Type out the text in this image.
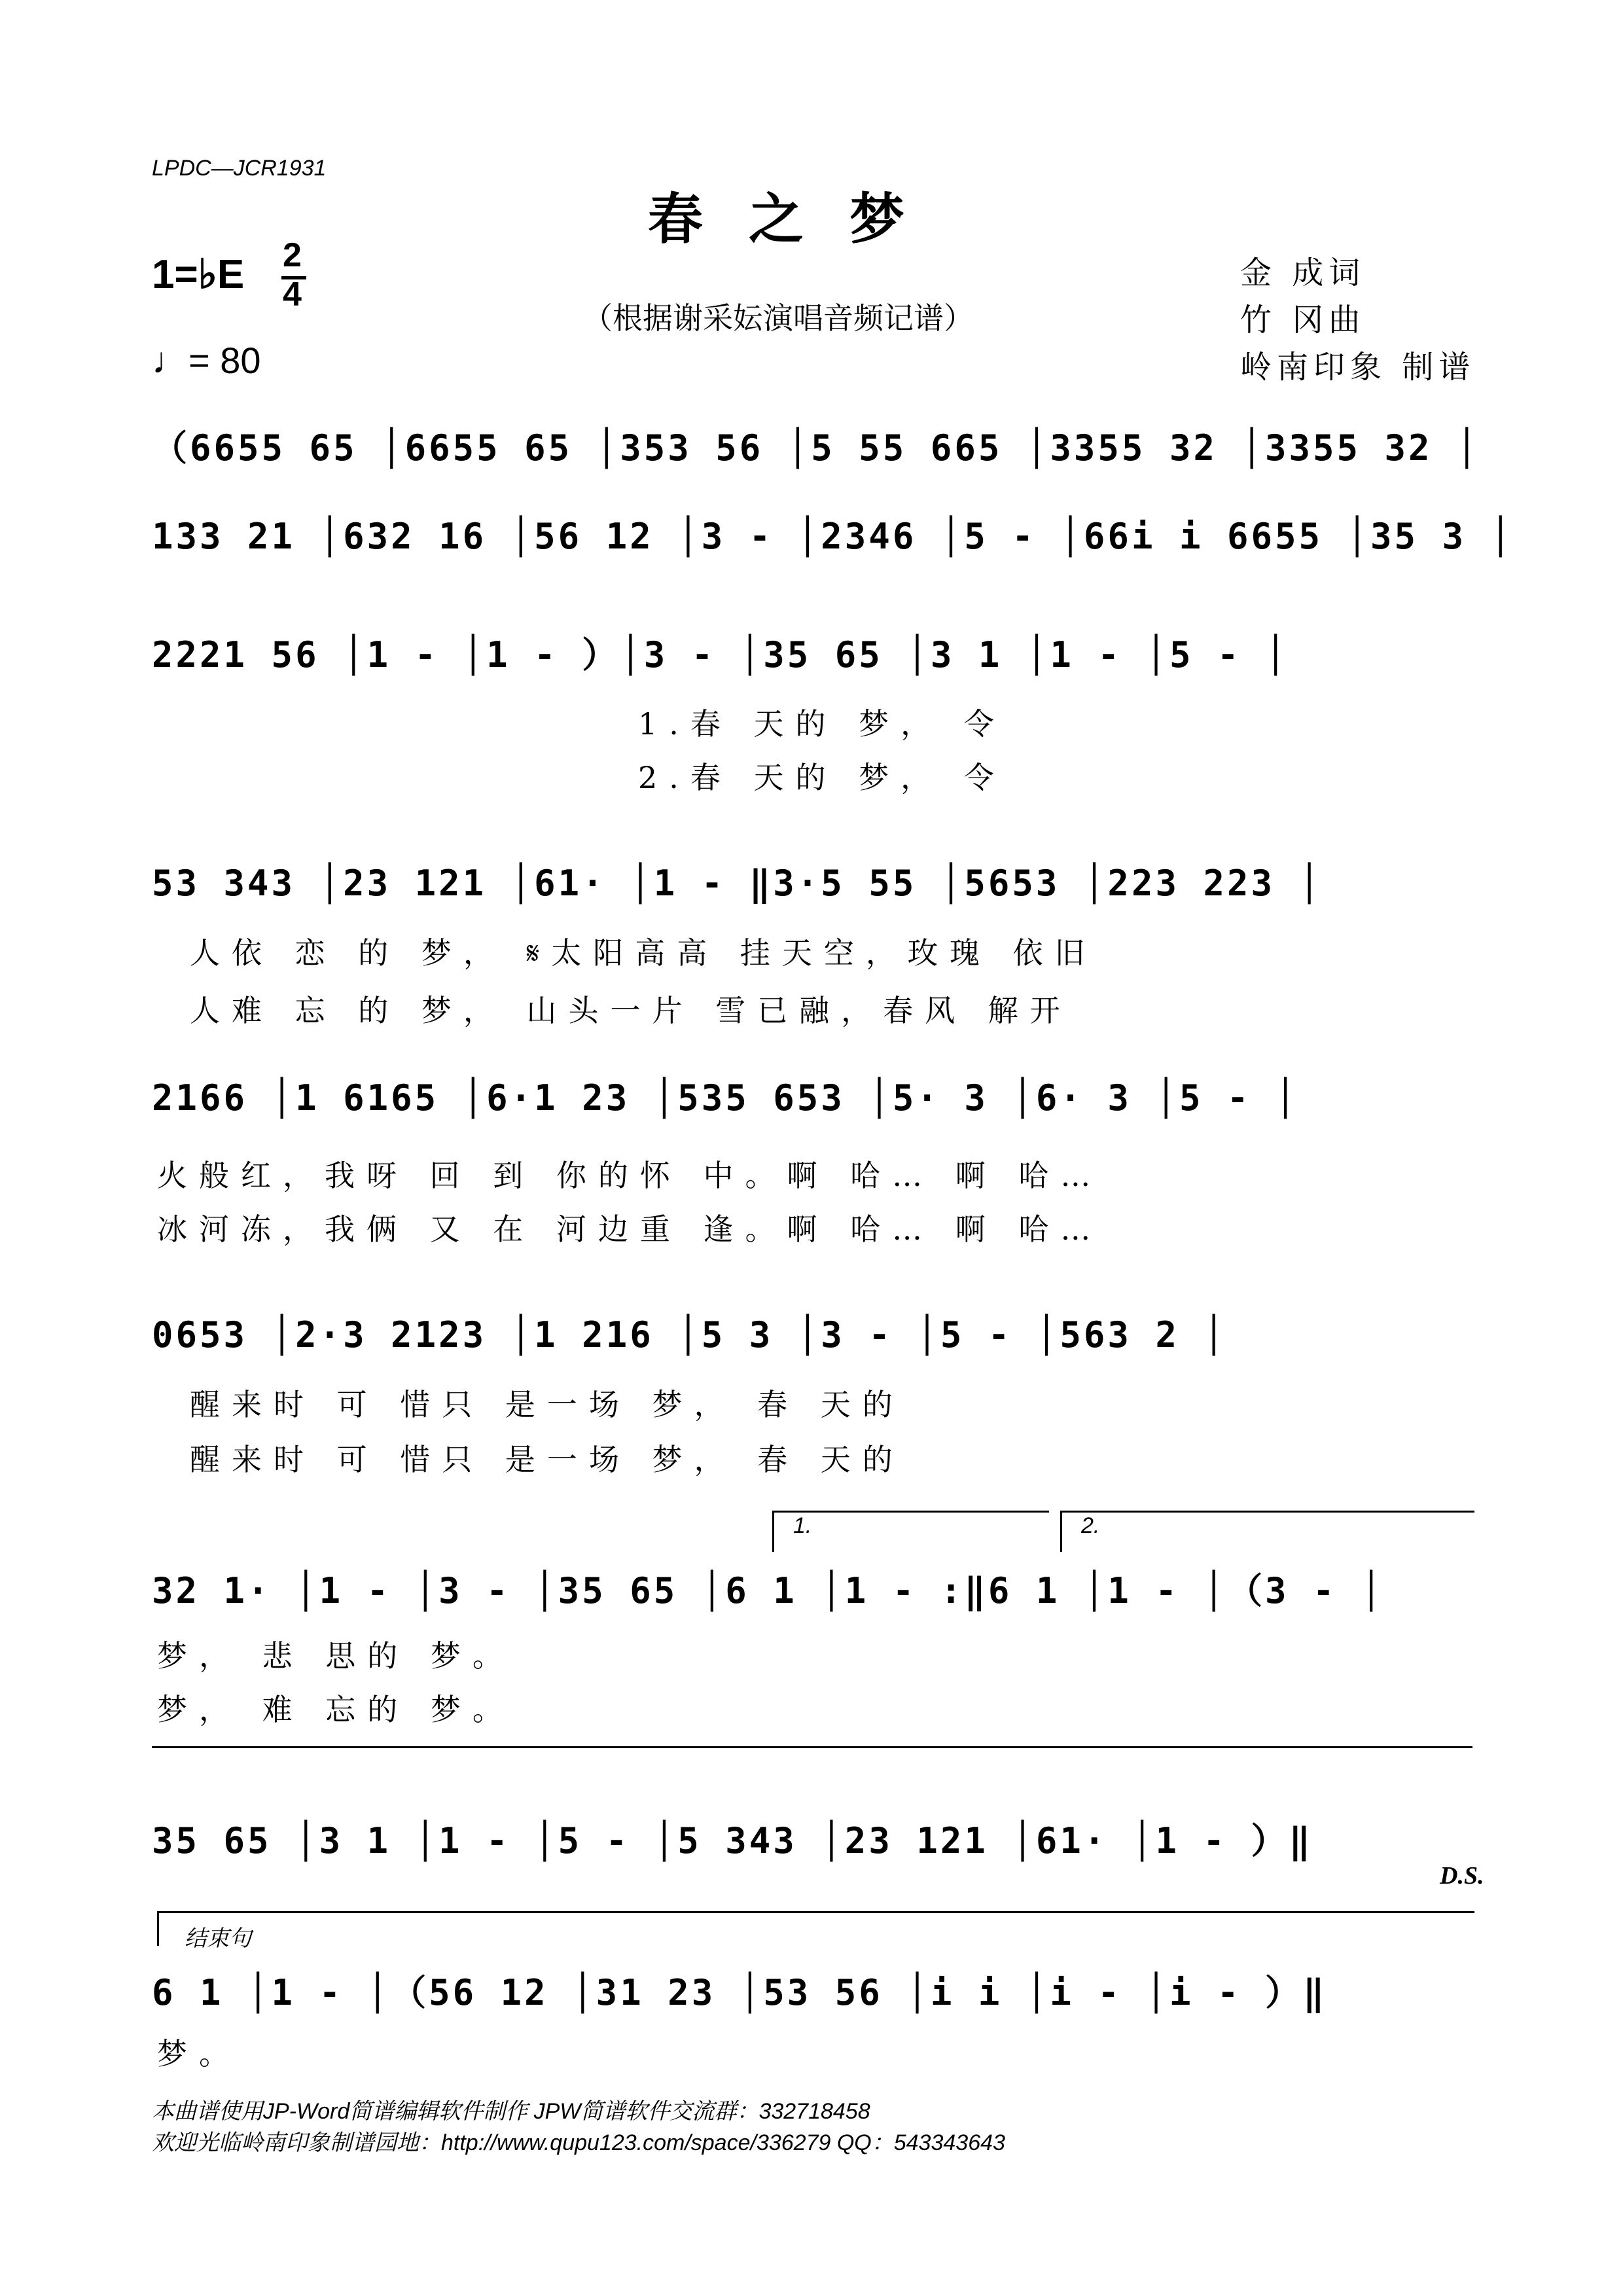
LPDC—JCR1931
春之梦
1=♭E 2
4
♩= 80
（根据谢采妘演唱音频记谱）
金 成词
竹 冈曲
岭南印象 制谱
（6655 65 │6655 65 │353 56 │5 55 665 │3355 32 │3355 32 │
133 21 │632 16 │56 12 │3 - │2346 │5 - │66i i 6655 │35 3 │
2221 56 │1 - │1 - ）│3 - │35 65 │3 1 │1 - │5 - │
1.春 天的 梦， 令
2.春 天的 梦， 令
53 343 │23 121 │61· │1 - ‖3·5 55 │5653 │223 223 │
人依 恋 的 梦， 𝄋太阳高高 挂天空，玫瑰 依旧
人难 忘 的 梦， 山头一片 雪已融，春风 解开
2166 │1 6165 │6·1 23 │535 653 │5· 3 │6· 3 │5 - │
火般红，我呀 回 到 你的怀 中。啊 哈… 啊 哈…
冰河冻，我俩 又 在 河边重 逢。啊 哈… 啊 哈…
0653 │2·3 2123 │1 216 │5 3 │3 - │5 - │563 2 │
醒来时 可 惜只 是一场 梦， 春 天的
醒来时 可 惜只 是一场 梦， 春 天的
1.	2.
32 1· │1 - │3 - │35 65 │6 1 │1 - :‖6 1 │1 - │（3 - │
梦， 悲 思的 梦。
梦， 难 忘的 梦。
35 65 │3 1 │1 - │5 - │5 343 │23 121 │61· │1 - ）‖
D.S.
结束句
6 1 │1 - │（56 12 │31 23 │53 56 │i i │i - │i - ）‖
梦。
本曲谱使用JP-Word简谱编辑软件制作 JPW简谱软件交流群：332718458
欢迎光临岭南印象制谱园地：http://www.qupu123.com/space/336279 QQ：543343643
